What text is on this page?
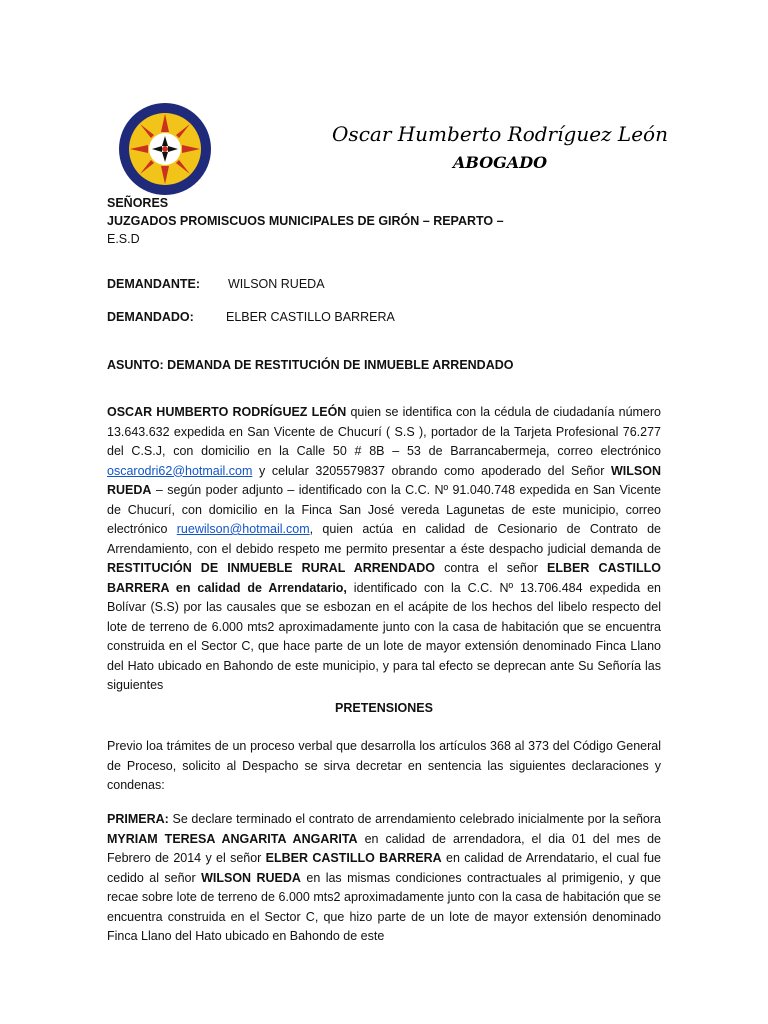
Oscar Humberto Rodríguez León
ABOGADO
SEÑORES
JUZGADOS PROMISCUOS MUNICIPALES DE GIRÓN – REPARTO –
E.S.D
DEMANDANTE: WILSON RUEDA
DEMANDADO:	ELBER CASTILLO BARRERA
ASUNTO: DEMANDA DE RESTITUCIÓN DE INMUEBLE ARRENDADO

OSCAR HUMBERTO RODRÍGUEZ LEÓN quien se identifica con la cédula de ciudadanía número 13.643.632 expedida en San Vicente de Chucurí ( S.S ), portador de la Tarjeta Profesional 76.277 del C.S.J, con domicilio en la Calle 50 # 8B – 53 de Barrancabermeja, correo electrónico oscarodri62@hotmail.com y celular 3205579837 obrando como apoderado del Señor WILSON RUEDA – según poder adjunto – identificado con la C.C. Nº 91.040.748 expedida en San Vicente de Chucurí, con domicilio en la Finca San José vereda Lagunetas de este municipio, correo electrónico ruewilson@hotmail.com, quien actúa en calidad de Cesionario de Contrato de Arrendamiento, con el debido respeto me permito presentar a éste despacho judicial demanda de RESTITUCIÓN DE INMUEBLE RURAL ARRENDADO contra el señor ELBER CASTILLO BARRERA en calidad de Arrendatario, identificado con la C.C. Nº 13.706.484 expedida en Bolívar (S.S) por las causales que se esbozan en el acápite de los hechos del libelo respecto del lote de terreno de 6.000 mts2 aproximadamente junto con la casa de habitación que se encuentra construida en el Sector C, que hace parte de un lote de mayor extensión denominado Finca Llano del Hato ubicado en Bahondo de este municipio, y para tal efecto se deprecan ante Su Señoría las siguientes

PRETENSIONES

Previo loa trámites de un proceso verbal que desarrolla los artículos 368 al 373 del Código General de Proceso, solicito al Despacho se sirva decretar en sentencia las siguientes declaraciones y condenas:

PRIMERA: Se declare terminado el contrato de arrendamiento celebrado inicialmente por la señora MYRIAM TERESA ANGARITA ANGARITA en calidad de arrendadora, el dia 01 del mes de Febrero de 2014 y el señor ELBER CASTILLO BARRERA en calidad de Arrendatario, el cual fue cedido al señor WILSON RUEDA en las mismas condiciones contractuales al primigenio, y que recae sobre lote de terreno de 6.000 mts2 aproximadamente junto con la casa de habitación que se encuentra construida en el Sector C, que hizo parte de un lote de mayor extensión denominado Finca Llano del Hato ubicado en Bahondo de este
